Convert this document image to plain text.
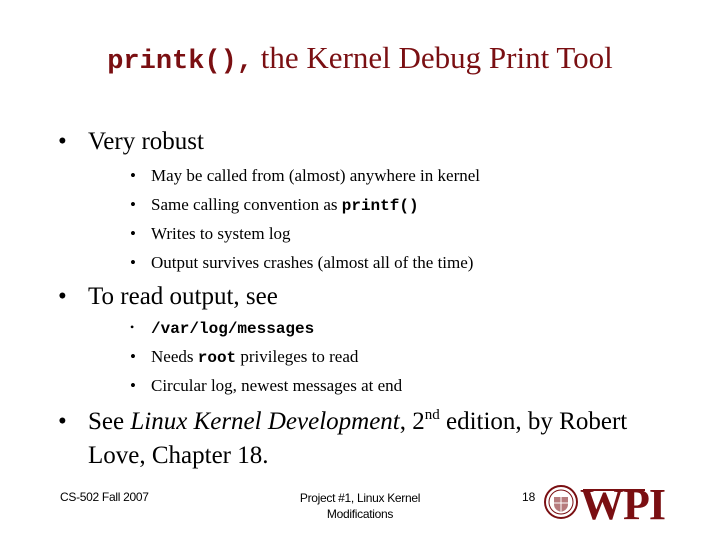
printk(), the Kernel Debug Print Tool
• Very robust
• May be called from (almost) anywhere in kernel
• Same calling convention as printf()
• Writes to system log
• Output survives crashes (almost all of the time)
• To read output, see
• /var/log/messages
• Needs root privileges to read
• Circular log, newest messages at end
• See Linux Kernel Development, 2nd edition, by Robert Love, Chapter 18.
CS-502 Fall 2007	Project #1, Linux Kernel
Modifications
18 WPI
